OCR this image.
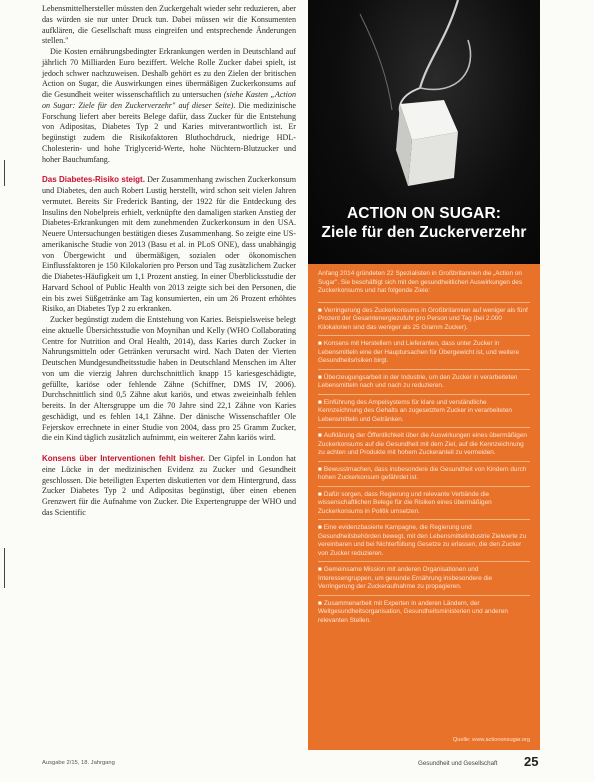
Lebensmittelhersteller müssten den Zuckergehalt wieder sehr reduzieren, aber das würden sie nur unter Druck tun. Dabei müssen wir die Konsumenten aufklären, die Gesellschaft muss eingreifen und entsprechende Änderungen stellen."

Die Kosten ernährungsbedingter Erkrankungen werden in Deutschland auf jährlich 70 Milliarden Euro beziffert. Welche Rolle Zucker dabei spielt, ist jedoch schwer nachzuweisen. Deshalb gehört es zu den Zielen der britischen Action on Sugar, die Auswirkungen eines übermäßigen Zuckerkonsums auf die Gesundheit weiter wissenschaftlich zu untersuchen (siehe Kasten „Action on Sugar: Ziele für den Zuckerverzehr" auf dieser Seite). Die medizinische Forschung liefert aber bereits Belege dafür, dass Zucker für die Entstehung von Adipositas, Diabetes Typ 2 und Karies mitverantwortlich ist. Er begünstigt zudem die Risikofaktoren Bluthochdruck, niedrige HDL-Cholesterin- und hohe Triglycerid-Werte, hohe Nüchtern-Blutzucker und hoher Bauchumfang.

Das Diabetes-Risiko steigt. Der Zusammenhang zwischen Zuckerkonsum und Diabetes, den auch Robert Lustig herstellt, wird schon seit vielen Jahren vermutet. Bereits Sir Frederick Banting, der 1922 für die Entdeckung des Insulins den Nobelpreis erhielt, verknüpfte den damaligen starken Anstieg der Diabetes-Erkrankungen mit dem zunehmenden Zuckerkonsum in den USA. Neuere Untersuchungen bestätigen dieses Zusammenhang. So zeigte eine US-amerikanische Studie von 2013 (Basu et al. in PLoS ONE), dass unabhängig von Übergewicht und übermäßigen, sozialen oder ökonomischen Einflussfaktoren je 150 Kilokalorien pro Person und Tag zusätzlichem Zucker die Diabetes-Häufigkeit um 1,1 Prozent anstieg. In einer Überblicksstudie der Harvard School of Public Health von 2013 zeigte sich bei den Personen, die ein bis zwei Süßgetränke am Tag konsumierten, ein um 26 Prozent erhöhtes Risiko, an Diabetes Typ 2 zu erkranken.

Zucker begünstigt zudem die Entstehung von Karies. Beispielsweise belegt eine aktuelle Übersichtsstudie von Moynihan und Kelly (WHO Collaborating Centre for Nutrition and Oral Health, 2014), dass Karies durch Zucker in Nahrungsmitteln oder Getränken verursacht wird. Nach Daten der Vierten Deutschen Mundgesundheitsstudie haben in Deutschland Menschen im Alter von um die vierzig Jahren durchschnittlich knapp 15 kariesgeschädigte, gefüllte, kariöse oder fehlende Zähne (Schiffner, DMS IV, 2006). Durchschnittlich sind 0,5 Zähne akut kariös, und etwas zweieinhalb fehlen bereits. In der Altersgruppe um die 70 Jahre sind 22,1 Zähne von Karies geschädigt, und es fehlen 14,1 Zähne. Der dänische Wissenschaftler Ole Fejerskov errechnete in einer Studie von 2004, dass pro 25 Gramm Zucker, die ein Kind täglich zusätzlich aufnimmt, ein weiterer Zahn kariös wird.

Konsens über Interventionen fehlt bisher. Der Gipfel in London hat eine Lücke in der medizinischen Evidenz zu Zucker und Gesundheit geschlossen. Die beteiligten Experten diskutierten vor dem Hintergrund, dass Zucker Diabetes Typ 2 und Adipositas begünstigt, über einen ebenen Grenzwert für die Aufnahme von Zucker. Die Expertengruppe der WHO und das Scientific

ACTION ON SUGAR:
Ziele für den Zuckerverzehr

Anfang 2014 gründeten 22 Spezialisten in Großbritannien die „Action on Sugar". Sie beschäftigt sich mit den gesundheitlichen Auswirkungen des Zuckerkonsums und hat folgende Ziele:

■ Verringerung des Zuckerkonsums in Großbritannien auf weniger als fünf Prozent der Gesamtenergiezufuhr pro Person und Tag (bei 2.000 Kilokalorien sind das weniger als 25 Gramm Zucker).

■ Konsens mit Herstellern und Lieferanten, dass unter Zucker in Lebensmitteln eine der Hauptursachen für Übergewicht ist, und weitere Gesundheitsrisiken birgt.

■ Überzeugungsarbeit in der Industrie, um den Zucker in verarbeiteten Lebensmitteln nach und nach zu reduzieren.

■ Einführung des Ampelsystems für klare und verständliche Kennzeichnung des Gehalts an zugesetztem Zucker in verarbeiteten Lebensmitteln und Getränken.

■ Aufklärung der Öffentlichkeit über die Auswirkungen eines übermäßigen Zuckerkonsums auf die Gesundheit mit dem Ziel, auf die Kennzeichnung zu achten und Produkte mit hohem Zuckeranteil zu vermeiden.

■ Bewusstmachen, dass insbesondere die Gesundheit von Kindern durch hohen Zuckerkonsum gefährdet ist.

■ Dafür sorgen, dass Regierung und relevante Verbände die wissenschaftlichen Belege für die Risiken eines übermäßigen Zuckerkonsums in Politik umsetzen.

■ Eine evidenzbasierte Kampagne, die Regierung und Gesundheitsbehörden bewegt, mit den Lebensmittelindustrie Zielwerte zu vereinbaren und bei Nichterfüllung Gesetze zu erlassen, die den Zucker von Zucker reduzieren.

■ Gemeinsame Mission mit anderen Organisationen und Interessengruppen, um gesunde Ernährung insbesondere die Verringerung der Zuckeraufnahme zu propagieren.

■ Zusammenarbeit mit Experten in anderen Ländern, der Weltgesundheitsorganisation, Gesundheitsministerien und anderen relevanten Stellen.

Quelle: www.actiononsugar.org
Ausgabe 2/15, 18. Jahrgang	Gesundheit und Gesellschaft 25
